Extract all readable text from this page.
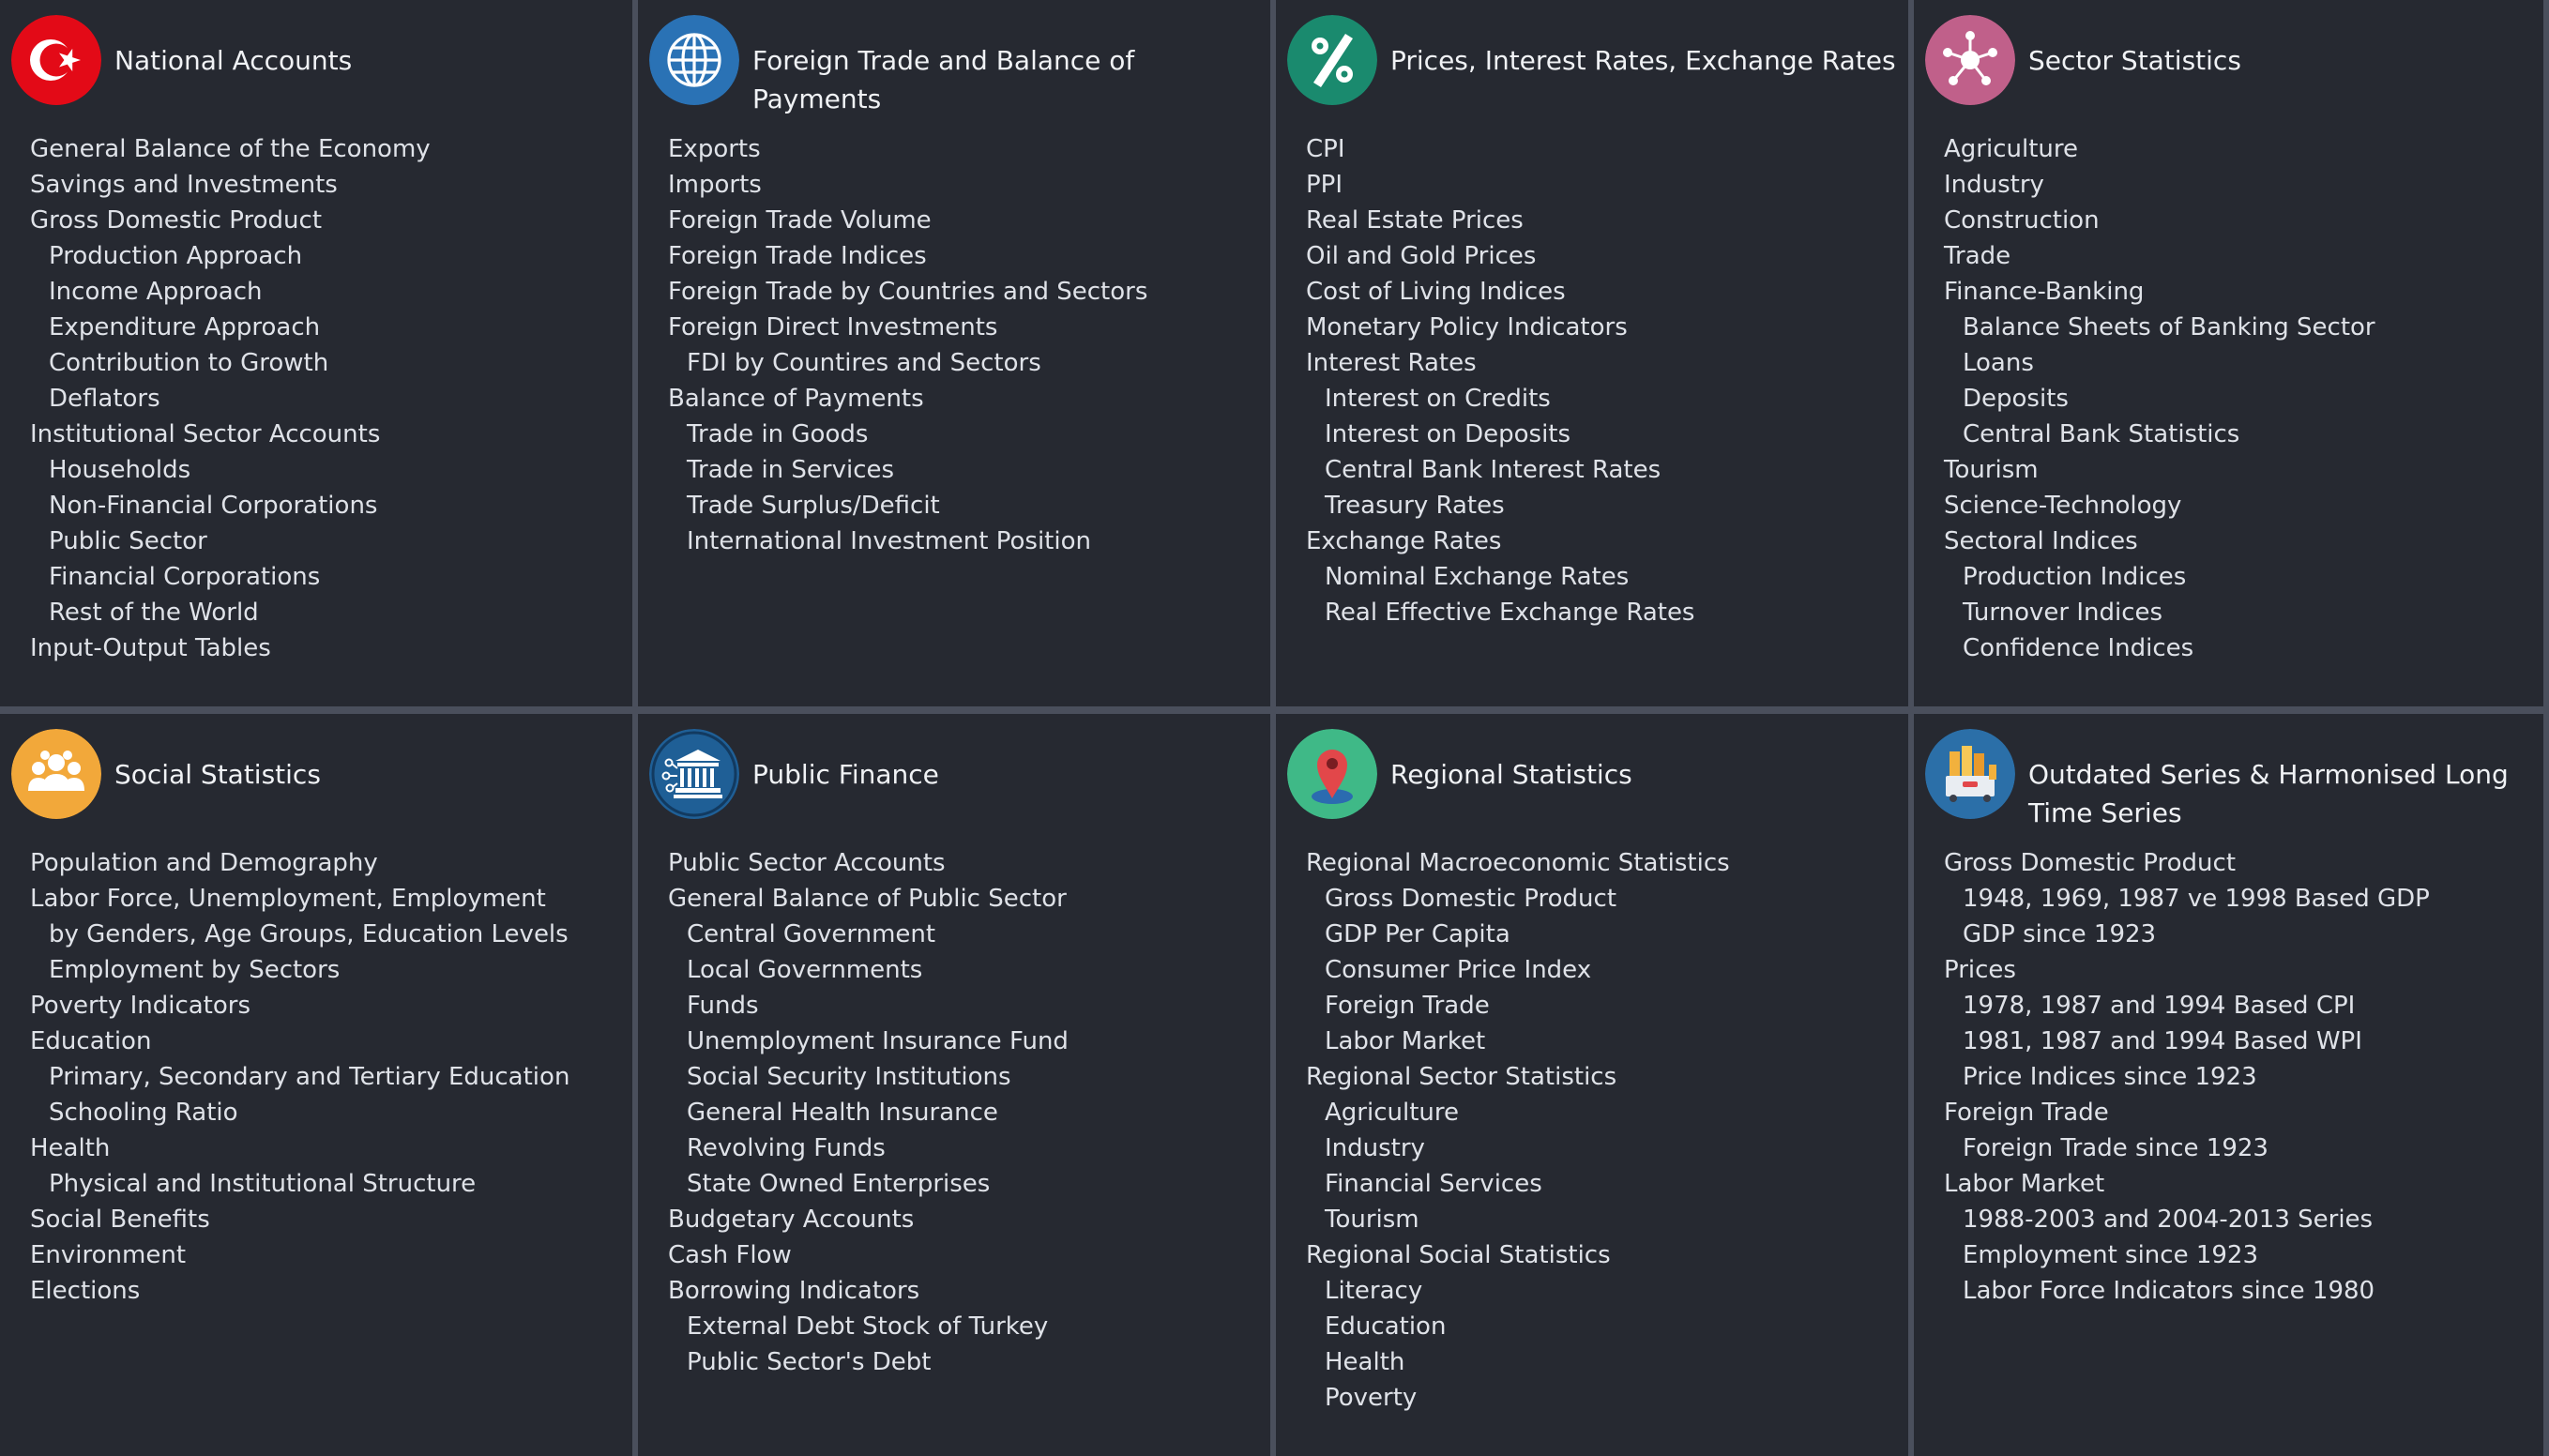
National Accounts
General Balance of the Economy
Savings and Investments
Gross Domestic Product
Production Approach
Income Approach
Expenditure Approach
Contribution to Growth
Deflators
Institutional Sector Accounts
Households
Non-Financial Corporations
Public Sector
Financial Corporations
Rest of the World
Input-Output Tables
Foreign Trade and Balance of Payments
Exports
Imports
Foreign Trade Volume
Foreign Trade Indices
Foreign Trade by Countries and Sectors
Foreign Direct Investments
FDI by Countires and Sectors
Balance of Payments
Trade in Goods
Trade in Services
Trade Surplus/Deficit
International Investment Position
Prices, Interest Rates, Exchange Rates
CPI
PPI
Real Estate Prices
Oil and Gold Prices
Cost of Living Indices
Monetary Policy Indicators
Interest Rates
Interest on Credits
Interest on Deposits
Central Bank Interest Rates
Treasury Rates
Exchange Rates
Nominal Exchange Rates
Real Effective Exchange Rates
Sector Statistics
Agriculture
Industry
Construction
Trade
Finance-Banking
Balance Sheets of Banking Sector
Loans
Deposits
Central Bank Statistics
Tourism
Science-Technology
Sectoral Indices
Production Indices
Turnover Indices
Confidence Indices
Social Statistics
Population and Demography
Labor Force, Unemployment, Employment
by Genders, Age Groups, Education Levels
Employment by Sectors
Poverty Indicators
Education
Primary, Secondary and Tertiary Education
Schooling Ratio
Health
Physical and Institutional Structure
Social Benefits
Environment
Elections
Public Finance
Public Sector Accounts
General Balance of Public Sector
Central Government
Local Governments
Funds
Unemployment Insurance Fund
Social Security Institutions
General Health Insurance
Revolving Funds
State Owned Enterprises
Budgetary Accounts
Cash Flow
Borrowing Indicators
External Debt Stock of Turkey
Public Sector's Debt
Regional Statistics
Regional Macroeconomic Statistics
Gross Domestic Product
GDP Per Capita
Consumer Price Index
Foreign Trade
Labor Market
Regional Sector Statistics
Agriculture
Industry
Financial Services
Tourism
Regional Social Statistics
Literacy
Education
Health
Poverty
Outdated Series & Harmonised Long Time Series
Gross Domestic Product
1948, 1969, 1987 ve 1998 Based GDP
GDP since 1923
Prices
1978, 1987 and 1994 Based CPI
1981, 1987 and 1994 Based WPI
Price Indices since 1923
Foreign Trade
Foreign Trade since 1923
Labor Market
1988-2003 and 2004-2013 Series
Employment since 1923
Labor Force Indicators since 1980
